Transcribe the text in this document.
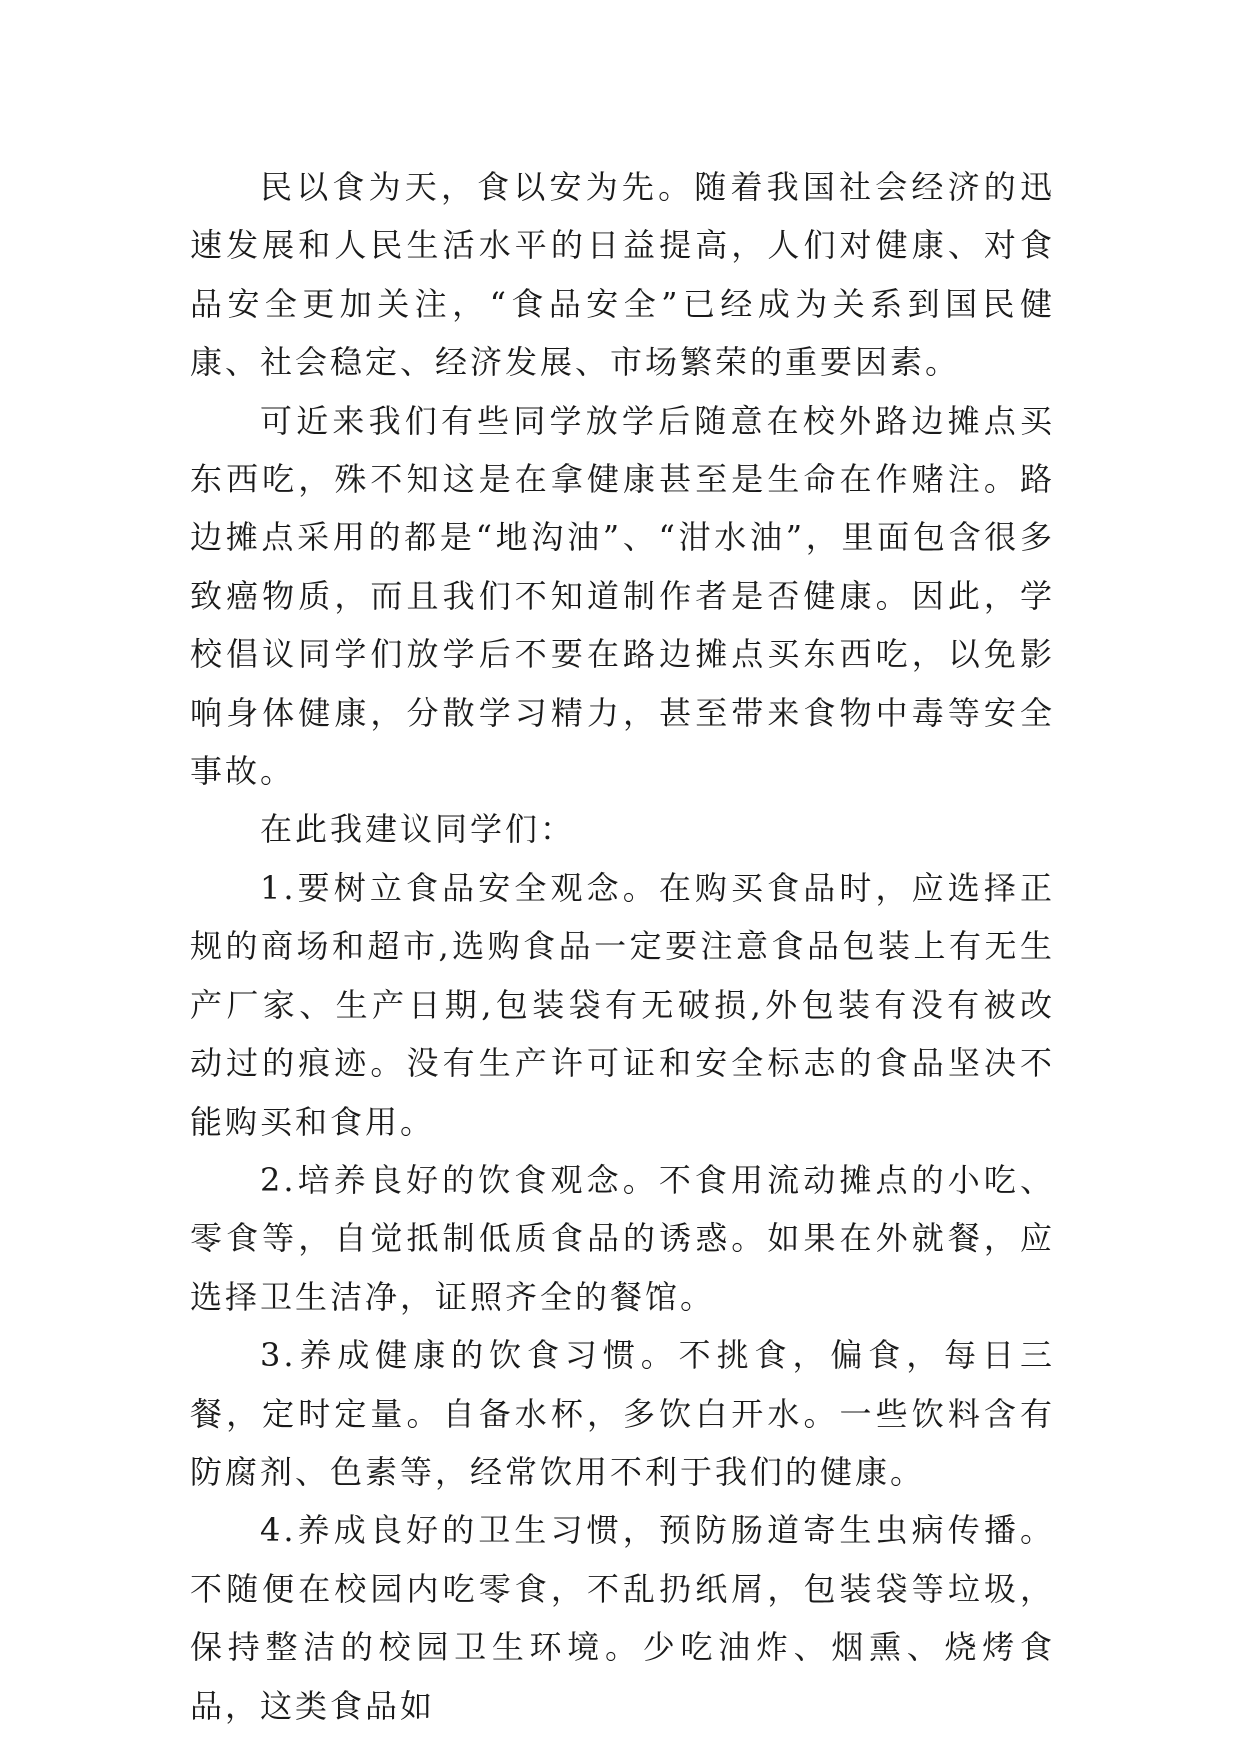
民以食为天，食以安为先。随着我国社会经济的迅速发展和人民生活水平的日益提高，人们对健康、对食品安全更加关注，“食品安全”已经成为关系到国民健康、社会稳定、经济发展、市场繁荣的重要因素。

可近来我们有些同学放学后随意在校外路边摊点买东西吃，殊不知这是在拿健康甚至是生命在作赌注。路边摊点采用的都是“地沟油”、“泔水油”，里面包含很多致癌物质，而且我们不知道制作者是否健康。因此，学校倡议同学们放学后不要在路边摊点买东西吃，以免影响身体健康，分散学习精力，甚至带来食物中毒等安全事故。

在此我建议同学们：

1.要树立食品安全观念。在购买食品时，应选择正规的商场和超市,选购食品一定要注意食品包装上有无生产厂家、生产日期,包装袋有无破损,外包装有没有被改动过的痕迹。没有生产许可证和安全标志的食品坚决不能购买和食用。

2.培养良好的饮食观念。不食用流动摊点的小吃、零食等，自觉抵制低质食品的诱惑。如果在外就餐，应选择卫生洁净，证照齐全的餐馆。

3.养成健康的饮食习惯。不挑食，偏食，每日三餐，定时定量。自备水杯，多饮白开水。一些饮料含有防腐剂、色素等，经常饮用不利于我们的健康。

4.养成良好的卫生习惯，预防肠道寄生虫病传播。不随便在校园内吃零食，不乱扔纸屑，包装袋等垃圾，保持整洁的校园卫生环境。少吃油炸、烟熏、烧烤食品，这类食品如
